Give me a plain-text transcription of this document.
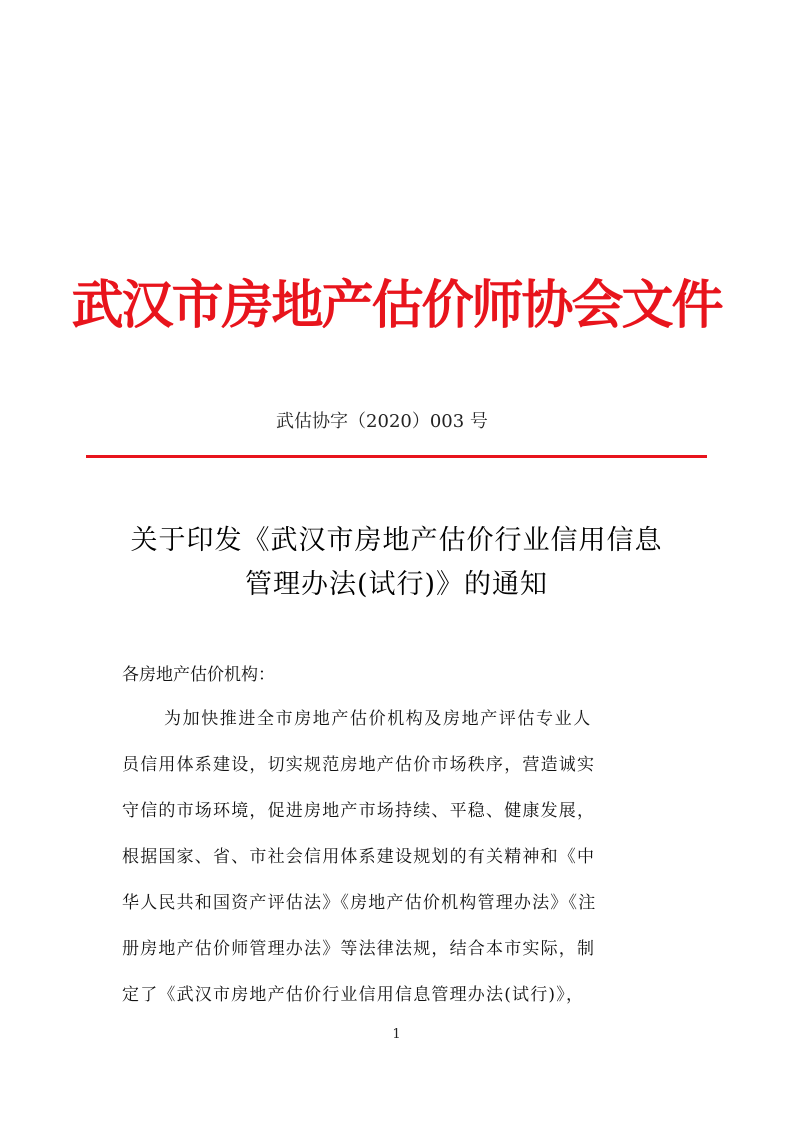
武汉市房地产估价师协会文件
武估协字（2020）003 号
关于印发《武汉市房地产估价行业信用信息
管理办法(试行)》的通知
各房地产估价机构：
为加快推进全市房地产估价机构及房地产评估专业人
员信用体系建设，切实规范房地产估价市场秩序，营造诚实
守信的市场环境，促进房地产市场持续、平稳、健康发展，
根据国家、省、市社会信用体系建设规划的有关精神和《中
华人民共和国资产评估法》《房地产估价机构管理办法》《注
册房地产估价师管理办法》等法律法规，结合本市实际，制
定了《武汉市房地产估价行业信用信息管理办法(试行)》，
1
